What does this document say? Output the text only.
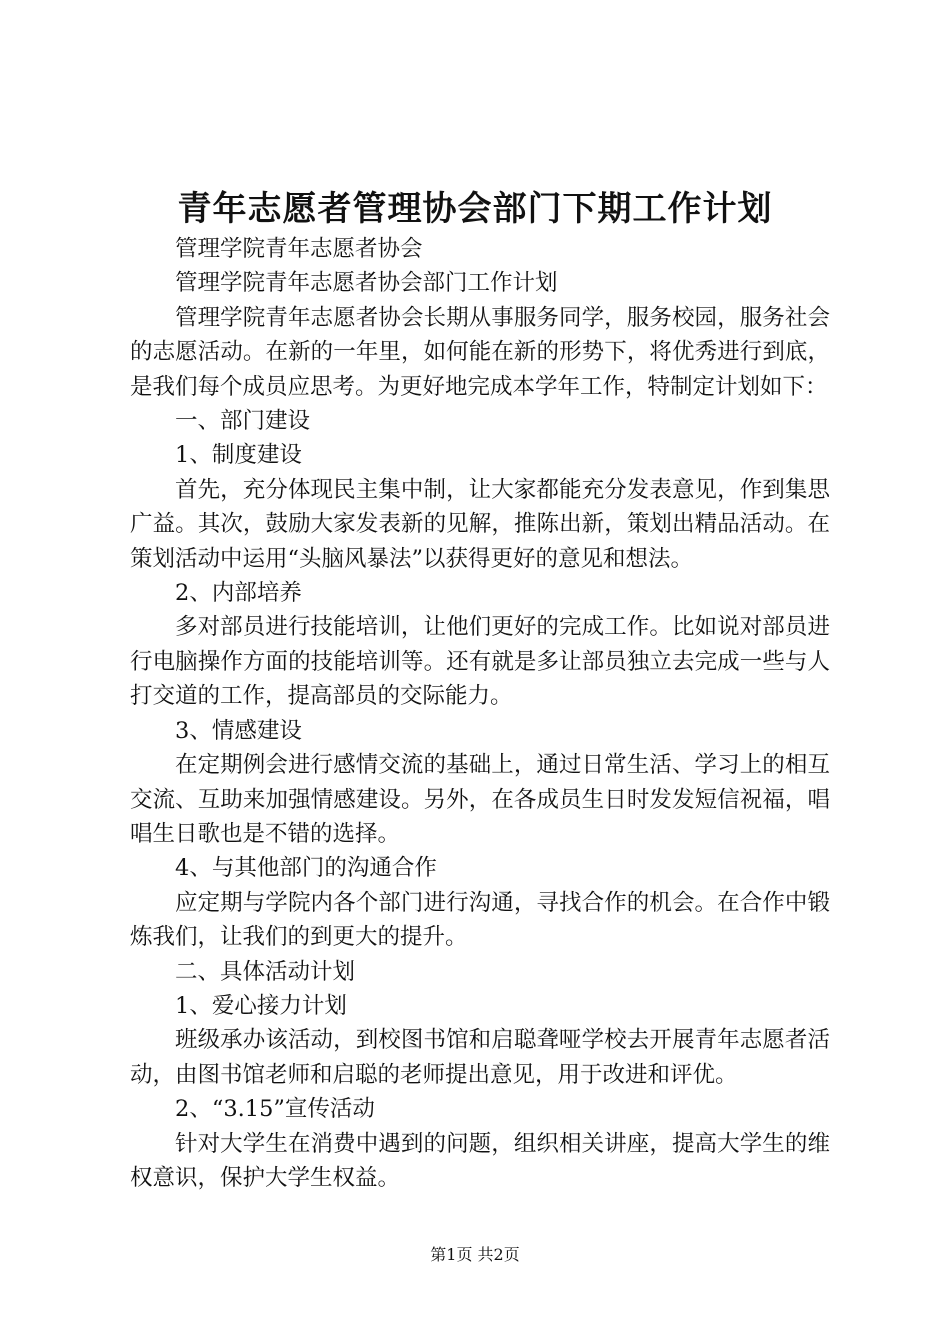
青年志愿者管理协会部门下期工作计划

管理学院青年志愿者协会

管理学院青年志愿者协会部门工作计划

管理学院青年志愿者协会长期从事服务同学，服务校园，服务社会的志愿活动。在新的一年里，如何能在新的形势下，将优秀进行到底，是我们每个成员应思考。为更好地完成本学年工作，特制定计划如下：

一、部门建设

1、制度建设

首先，充分体现民主集中制，让大家都能充分发表意见，作到集思广益。其次，鼓励大家发表新的见解，推陈出新，策划出精品活动。在策划活动中运用“头脑风暴法”以获得更好的意见和想法。

2、内部培养

多对部员进行技能培训，让他们更好的完成工作。比如说对部员进行电脑操作方面的技能培训等。还有就是多让部员独立去完成一些与人打交道的工作，提高部员的交际能力。

3、情感建设

在定期例会进行感情交流的基础上，通过日常生活、学习上的相互交流、互助来加强情感建设。另外，在各成员生日时发发短信祝福，唱唱生日歌也是不错的选择。

4、与其他部门的沟通合作

应定期与学院内各个部门进行沟通，寻找合作的机会。在合作中锻炼我们，让我们的到更大的提升。

二、具体活动计划

1、爱心接力计划

班级承办该活动，到校图书馆和启聪聋哑学校去开展青年志愿者活动，由图书馆老师和启聪的老师提出意见，用于改进和评优。

2、“3.15”宣传活动

针对大学生在消费中遇到的问题，组织相关讲座，提高大学生的维权意识，保护大学生权益。

第1页 共2页
